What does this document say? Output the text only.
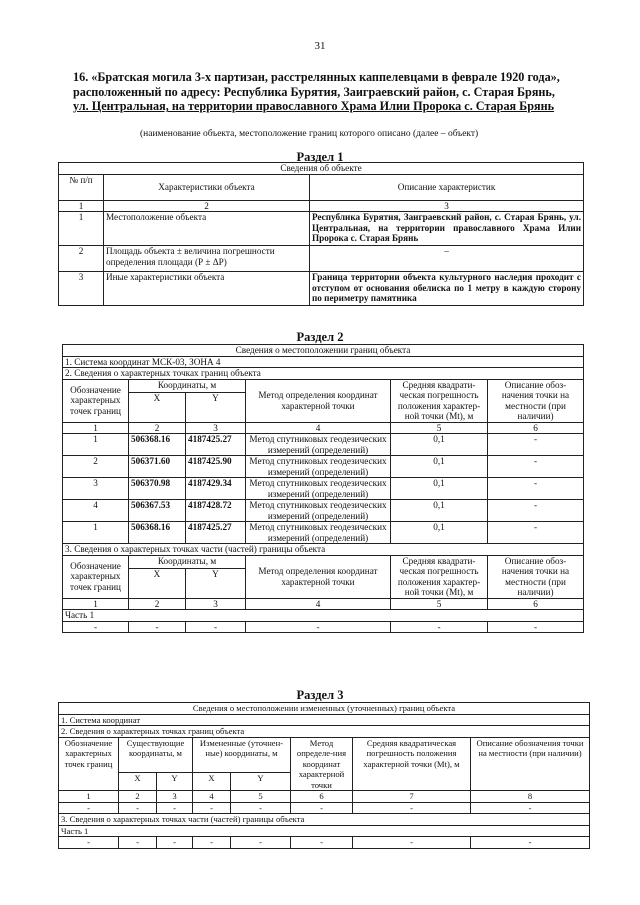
31
16. «Братская могила 3-х партизан, расстрелянных каппелевцами в феврале 1920 года»,
расположенный по адресу: Республика Бурятия, Заиграевский район, с. Старая Брянь,
ул. Центральная, на территории православного Храма Илии Пророка с. Старая Брянь
(наименование объекта, местоположение границ которого описано (далее – объект)
Раздел 1
Сведения об объекте		
№ п/п	Характеристики объекта	Описание характеристик
1	2	3
1	Местоположение объекта	Республика Бурятия, Заиграевский район, с. Старая Брянь, ул. Центральная, на территории православного Храма Илии Пророка с. Старая Брянь
2	Площадь объекта ± величина погрешности определения площади (Р ± ΔР)	–
3	Иные характеристики объекта	Граница территории объекта культурного наследия проходит с отступом от основания обелиска по 1 метру в каждую сторону по периметру памятника
Раздел 2
Сведения о местоположении границ объекта					
1. Система координат МСК-03, ЗОНА 4					
2. Сведения о характерных точках границ объекта					
Обозначение характерных точек границ	Координаты, м		Метод определения координат характерной точки	Средняя квадрати-ческая погрешность положения характер-ной точки (Mt), м	Описание обоз-начения точки на местности (при наличии)
	X	Y			
1	2	3	4	5	6
1	506368.16	4187425.27	Метод спутниковых геодезических измерений (определений)	0,1	-
2	506371.60	4187425.90	Метод спутниковых геодезических измерений (определений)	0,1	-
3	506370.98	4187429.34	Метод спутниковых геодезических измерений (определений)	0,1	-
4	506367.53	4187428.72	Метод спутниковых геодезических измерений (определений)	0,1	-
1	506368.16	4187425.27	Метод спутниковых геодезических измерений (определений)	0,1	-
3. Сведения о характерных точках части (частей) границы объекта					
Обозначение характерных точек границ	Координаты, м		Метод определения координат характерной точки	Средняя квадрати-ческая погрешность положения характер-ной точки (Mt), м	Описание обоз-начения точки на местности (при наличии)
	X	Y			
1	2	3	4	5	6
Часть 1					
-	-	-	-	-	-
Раздел 3
Сведения о местоположении измененных (уточненных) границ объекта							
1. Система координат							
2. Сведения о характерных точках границ объекта							
Обозначение характерных точек границ	Существующие координаты, м		Измененные (уточнен-ные) координаты, м		Метод определе-ния координат характерной точки	Средняя квадратическая погрешность положения характерной точки (Mt), м	Описание обозначения точки на местности (при наличии)
	X	Y	X	Y			
1	2	3	4	5	6	7	8
-	-	-	-	-	-	-	-
3. Сведения о характерных точках части (частей) границы объекта							
Часть 1							
-	-	-	-	-	-	-	-
